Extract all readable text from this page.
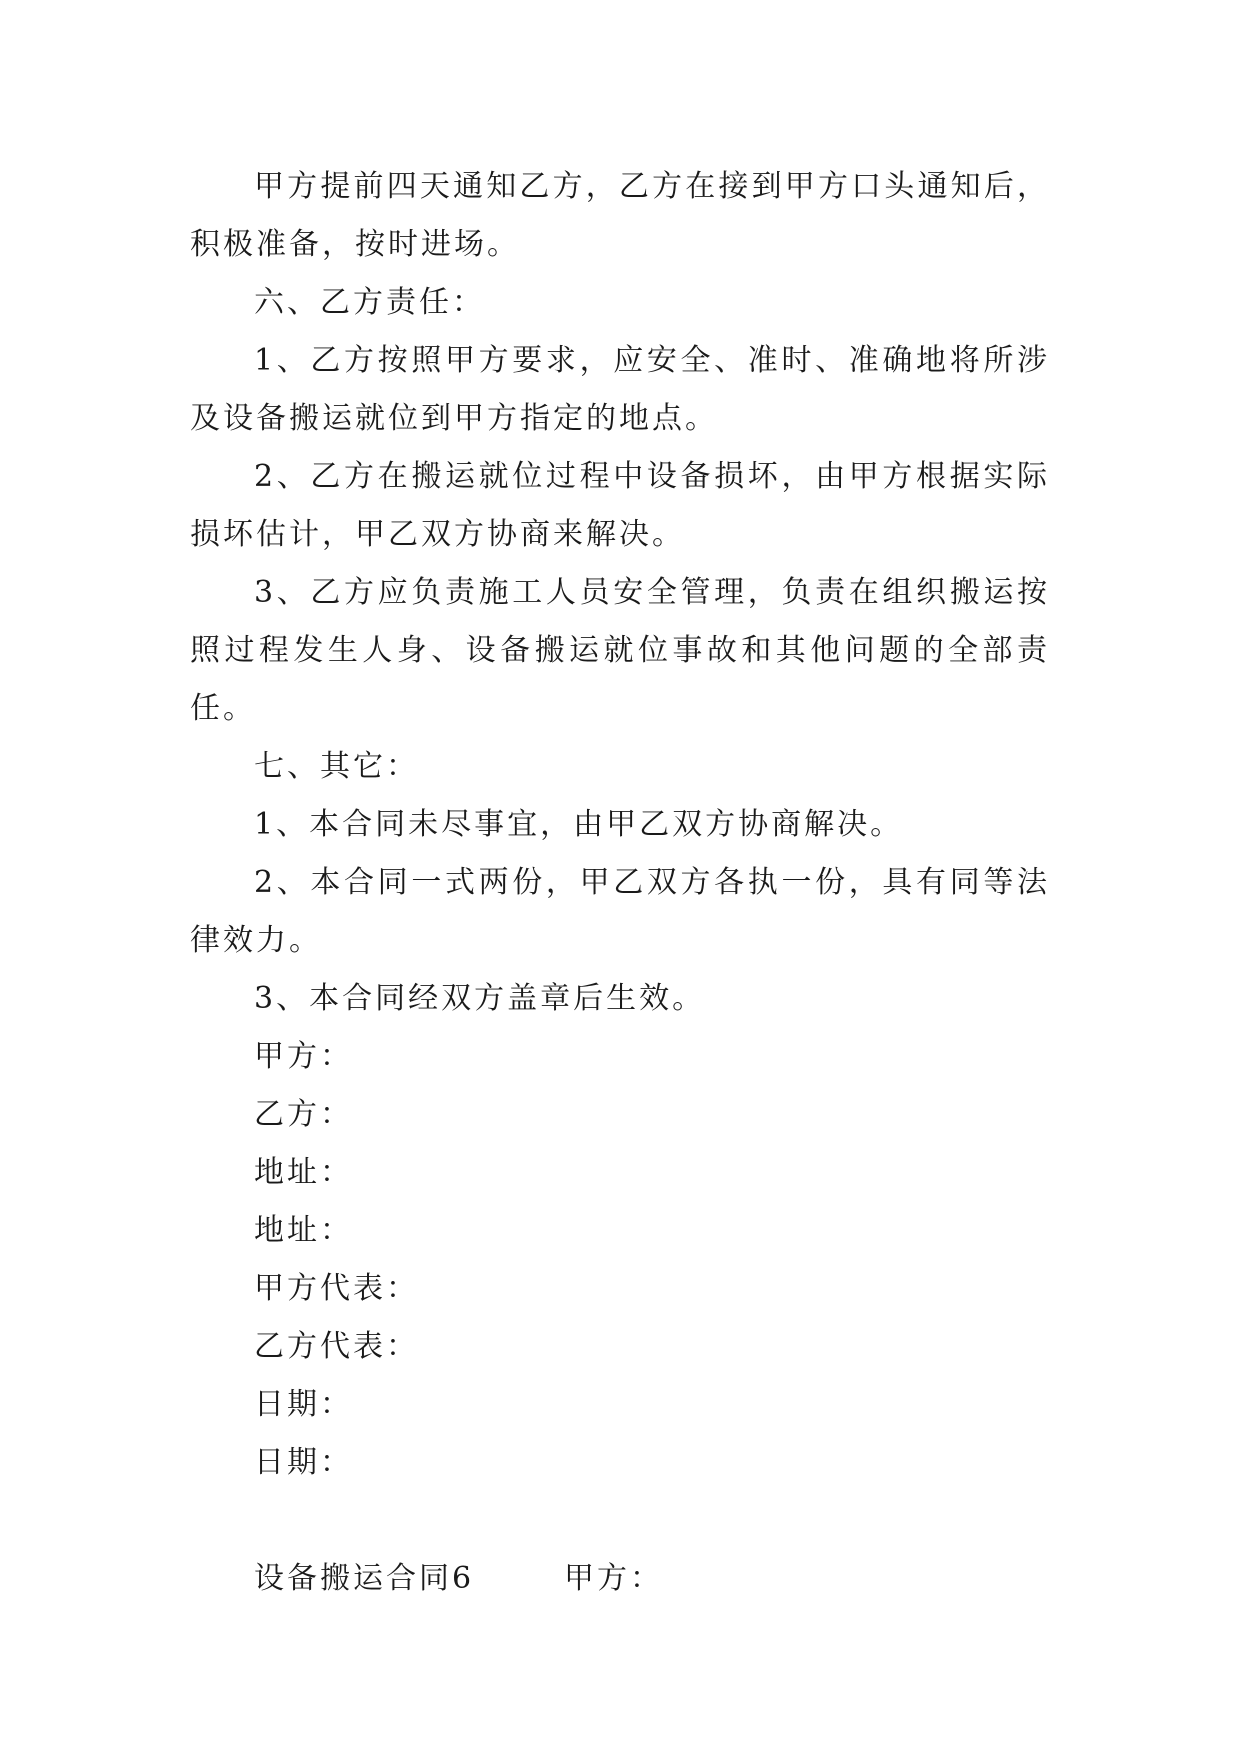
甲方提前四天通知乙方，乙方在接到甲方口头通知后，积极准备，按时进场。

六、乙方责任：

1、乙方按照甲方要求，应安全、准时、准确地将所涉及设备搬运就位到甲方指定的地点。

2、乙方在搬运就位过程中设备损坏，由甲方根据实际损坏估计，甲乙双方协商来解决。

3、乙方应负责施工人员安全管理，负责在组织搬运按照过程发生人身、设备搬运就位事故和其他问题的全部责任。

七、其它：

1、本合同未尽事宜，由甲乙双方协商解决。

2、本合同一式两份，甲乙双方各执一份，具有同等法律效力。

3、本合同经双方盖章后生效。

甲方：

乙方：

地址：

地址：

甲方代表：

乙方代表：

日期：

日期：

设备搬运合同6	甲方：
